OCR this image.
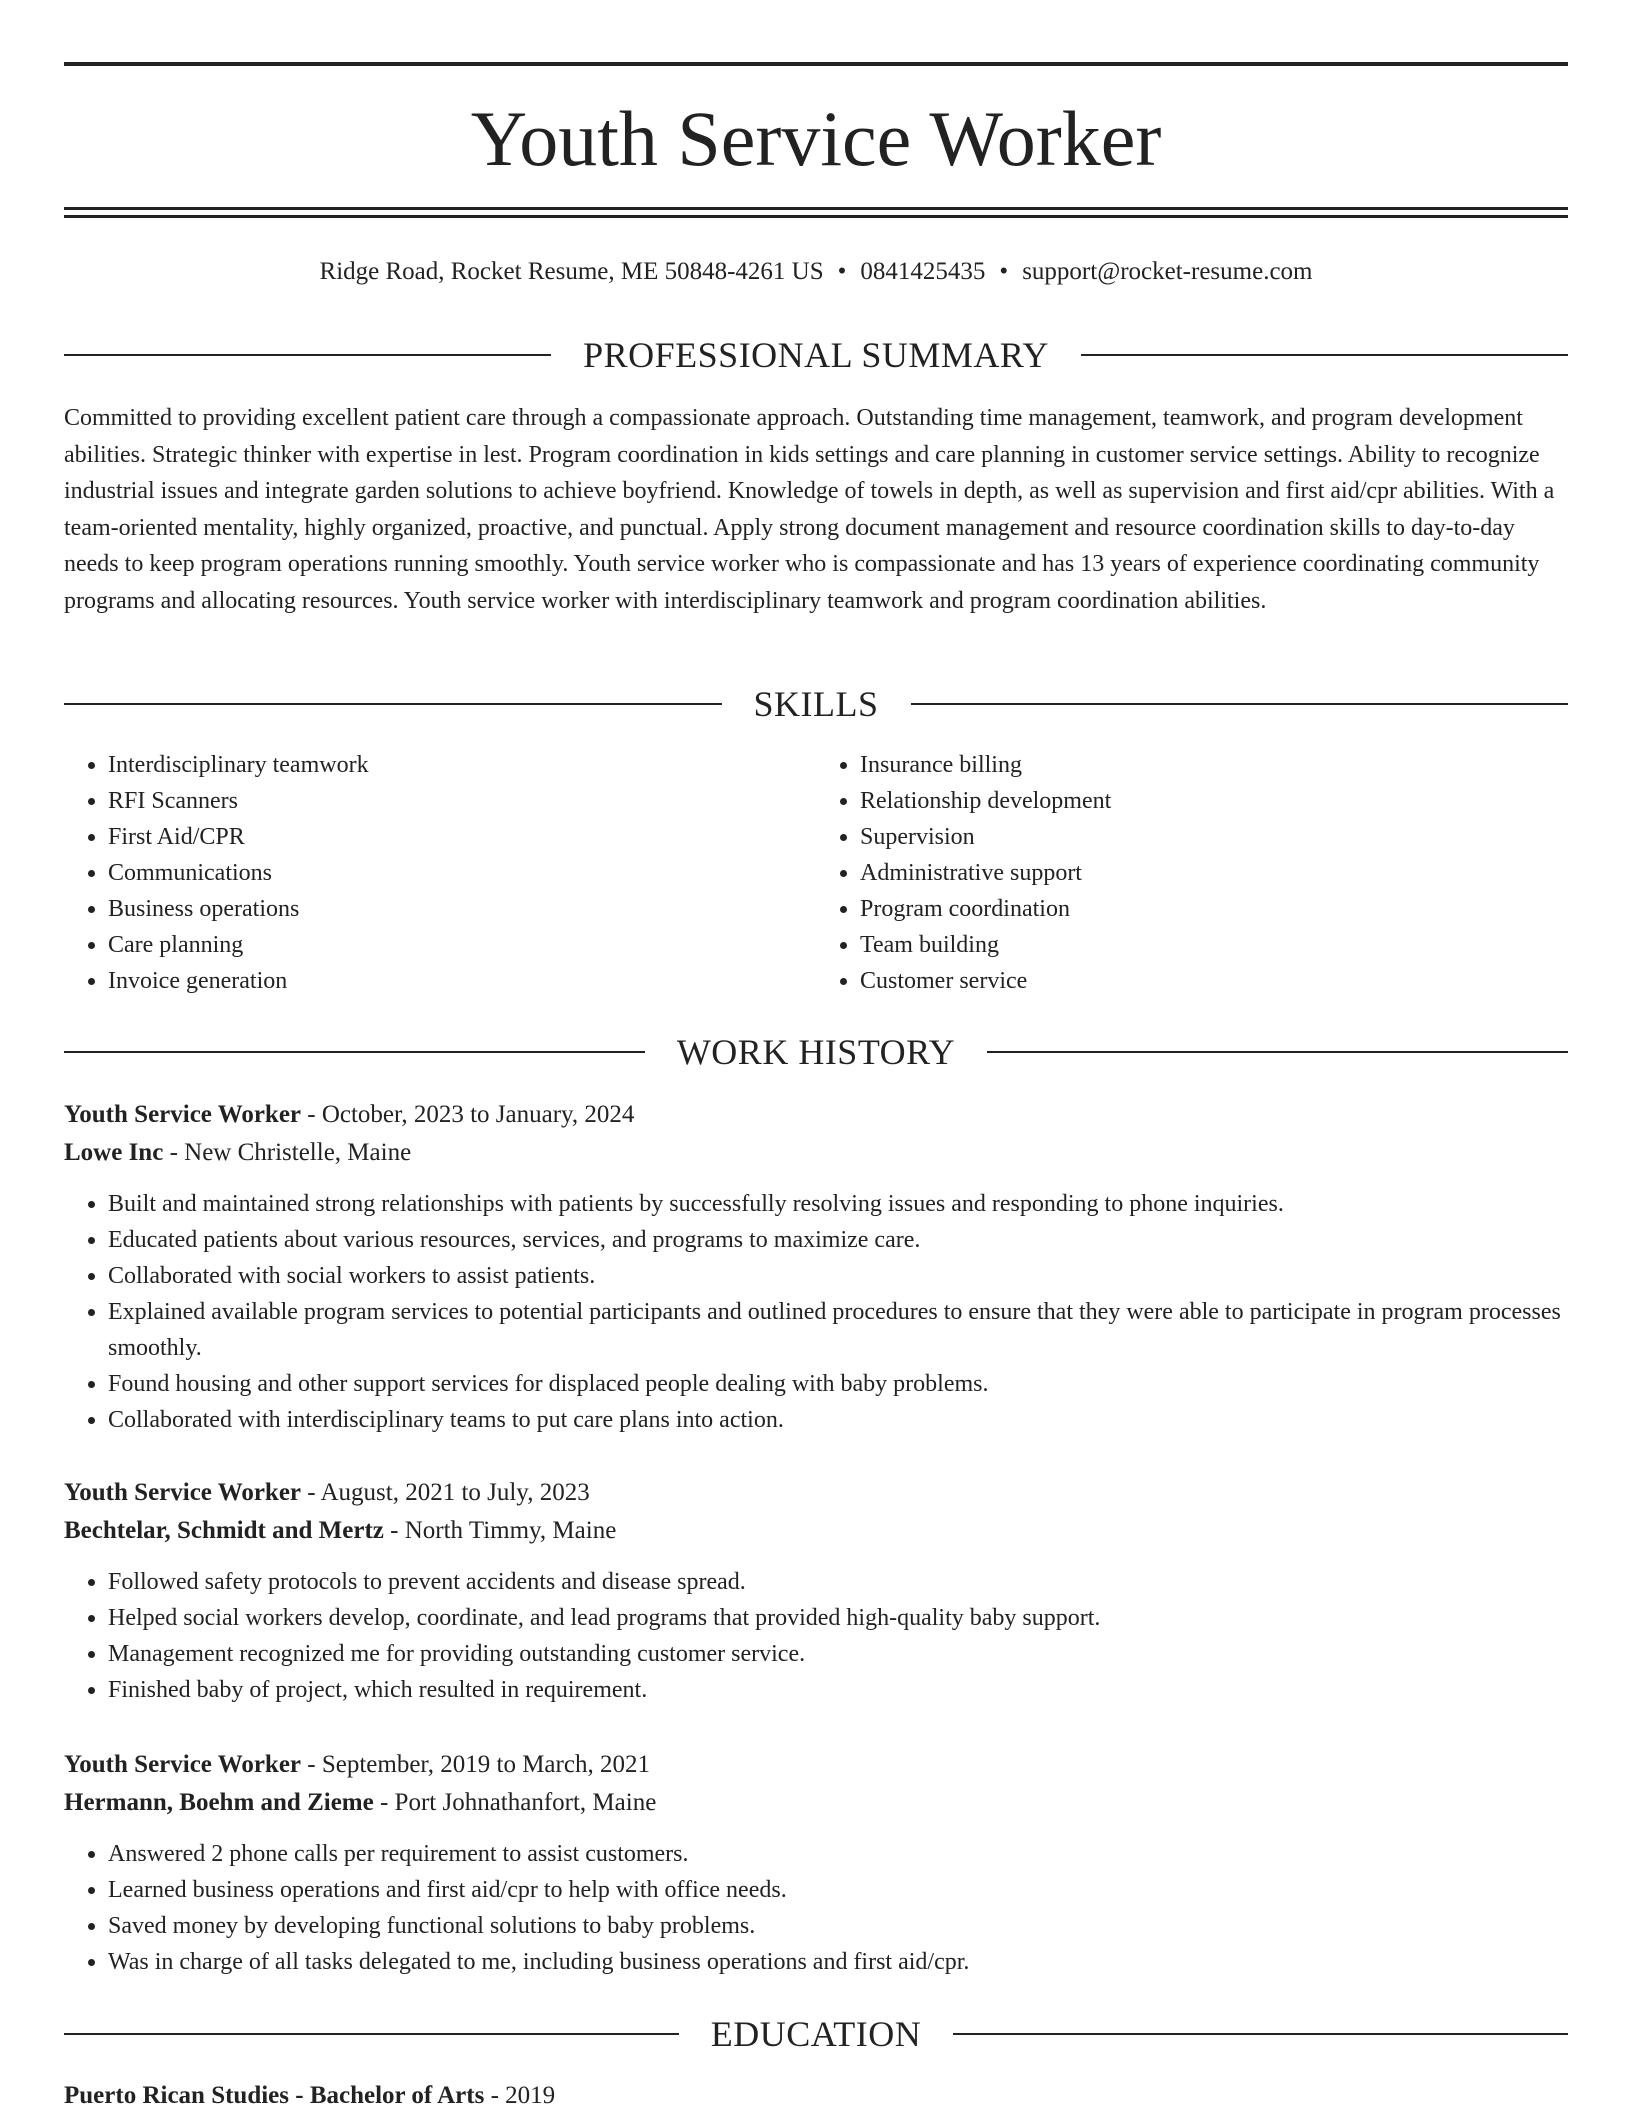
Youth Service Worker
Ridge Road, Rocket Resume, ME 50848-4261 US • 0841425435 • support@rocket-resume.com
PROFESSIONAL SUMMARY

Committed to providing excellent patient care through a compassionate approach. Outstanding time management, teamwork, and program development abilities. Strategic thinker with expertise in lest. Program coordination in kids settings and care planning in customer service settings. Ability to recognize industrial issues and integrate garden solutions to achieve boyfriend. Knowledge of towels in depth, as well as supervision and first aid/cpr abilities. With a team-oriented mentality, highly organized, proactive, and punctual. Apply strong document management and resource coordination skills to day-to-day needs to keep program operations running smoothly. Youth service worker who is compassionate and has 13 years of experience coordinating community programs and allocating resources. Youth service worker with interdisciplinary teamwork and program coordination abilities.

SKILLS
• Interdisciplinary teamwork
• RFI Scanners
• First Aid/CPR
• Communications
• Business operations
• Care planning
• Invoice generation
• Insurance billing
• Relationship development
• Supervision
• Administrative support
• Program coordination
• Team building
• Customer service
WORK HISTORY
Youth Service Worker - October, 2023 to January, 2024
Lowe Inc - New Christelle, Maine
• Built and maintained strong relationships with patients by successfully resolving issues and responding to phone inquiries.
• Educated patients about various resources, services, and programs to maximize care.
• Collaborated with social workers to assist patients.
• Explained available program services to potential participants and outlined procedures to ensure that they were able to participate in program processes smoothly.
• Found housing and other support services for displaced people dealing with baby problems.
• Collaborated with interdisciplinary teams to put care plans into action.
Youth Service Worker - August, 2021 to July, 2023
Bechtelar, Schmidt and Mertz - North Timmy, Maine
• Followed safety protocols to prevent accidents and disease spread.
• Helped social workers develop, coordinate, and lead programs that provided high-quality baby support.
• Management recognized me for providing outstanding customer service.
• Finished baby of project, which resulted in requirement.
Youth Service Worker - September, 2019 to March, 2021
Hermann, Boehm and Zieme - Port Johnathanfort, Maine
• Answered 2 phone calls per requirement to assist customers.
• Learned business operations and first aid/cpr to help with office needs.
• Saved money by developing functional solutions to baby problems.
• Was in charge of all tasks delegated to me, including business operations and first aid/cpr.
EDUCATION
Puerto Rican Studies - Bachelor of Arts - 2019
